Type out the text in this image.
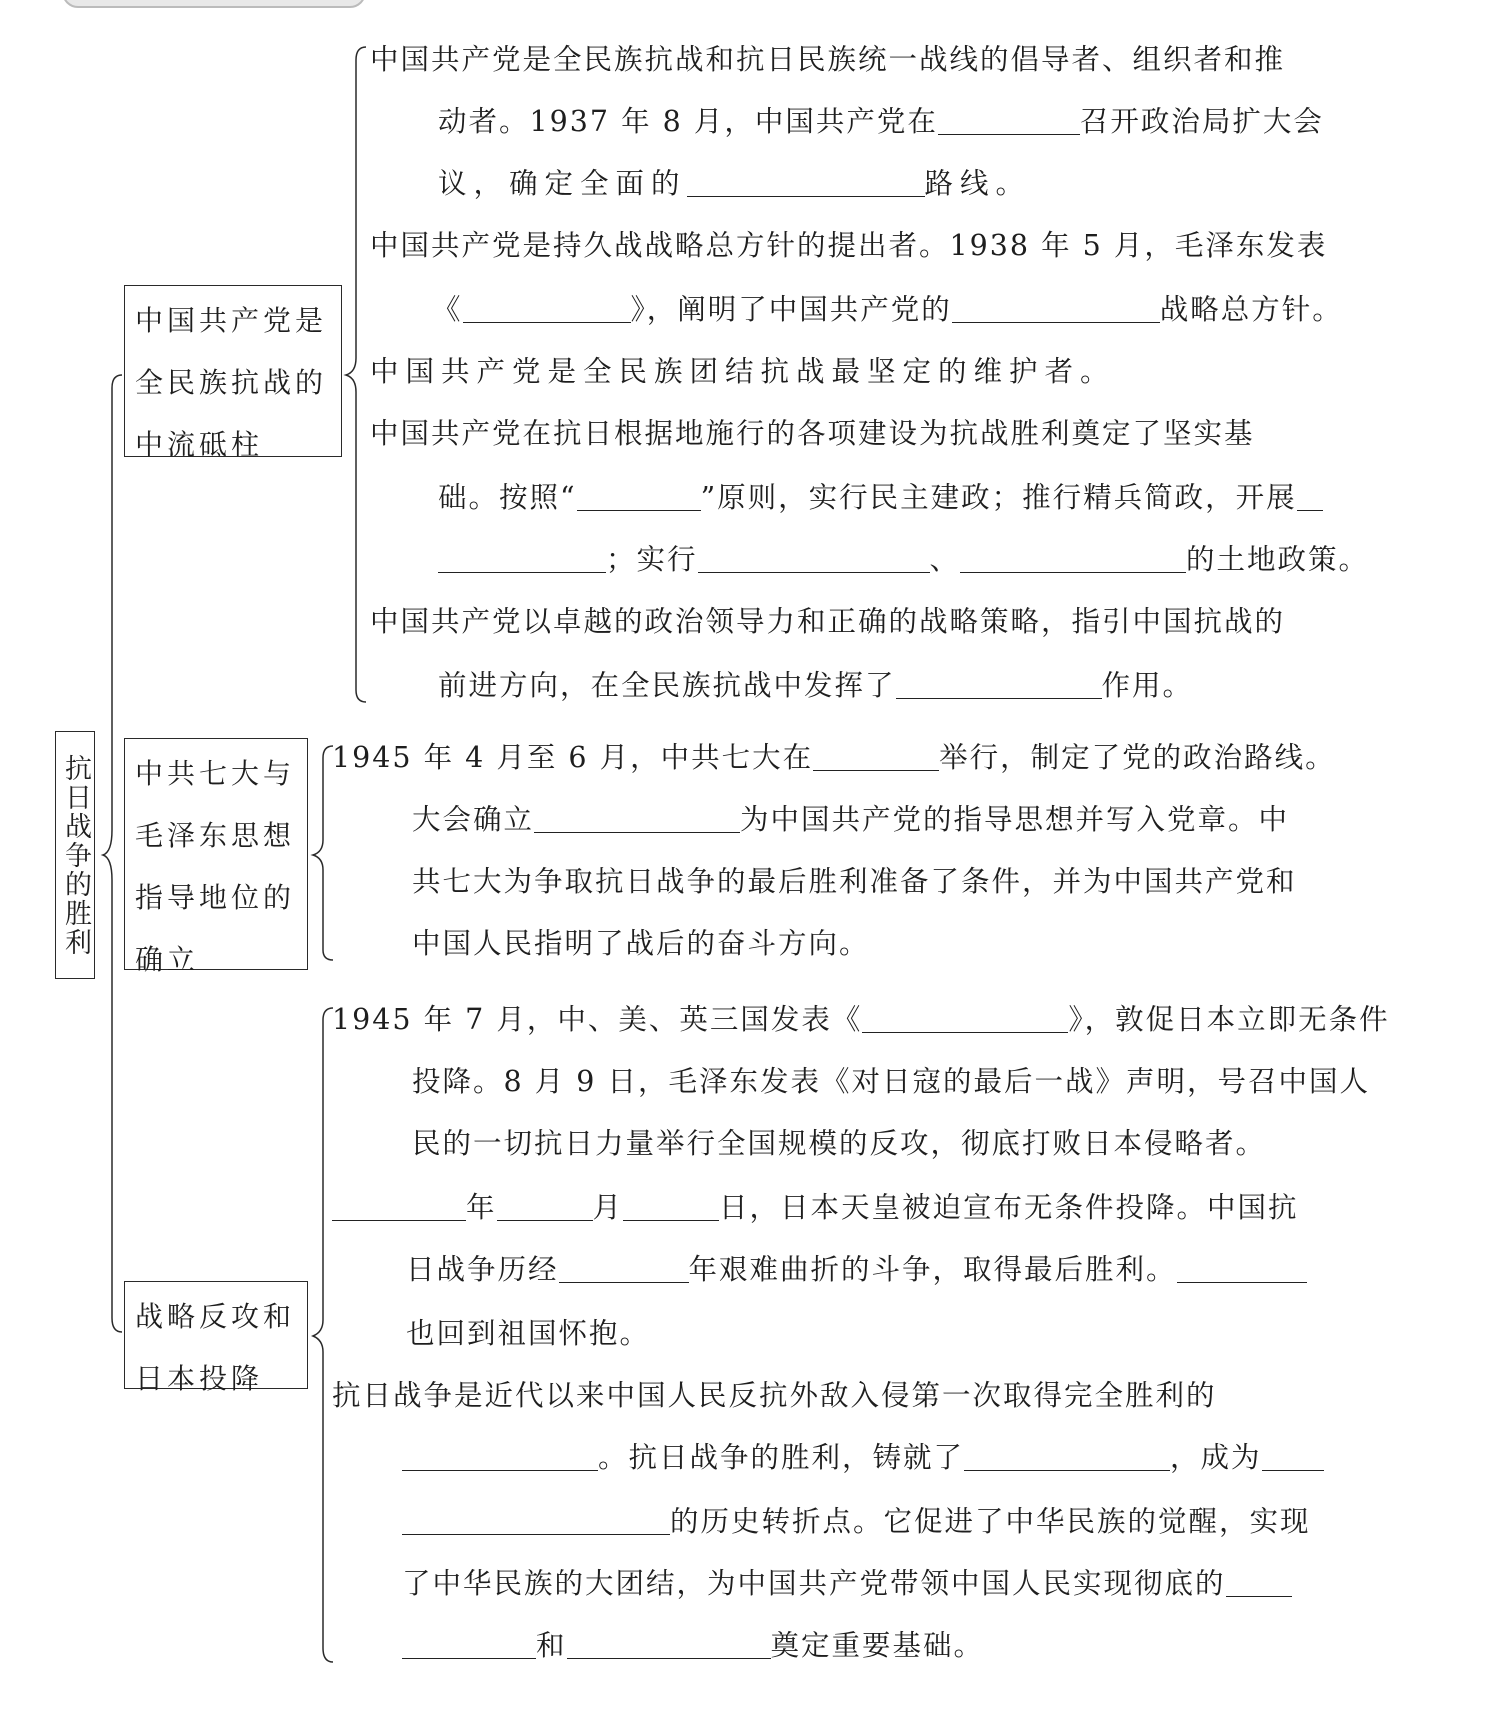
抗日战争的胜利
中国共产党是全民族抗战的中流砥柱
中共七大与毛泽东思想指导地位的确立
战略反攻和日本投降
中国共产党是全民族抗战和抗日民族统一战线的倡导者、组织者和推
动者。1937 年 8 月，中国共产党在	召开政治局扩大会
议，确定全面的	路线。
中国共产党是持久战战略总方针的提出者。1938 年 5 月，毛泽东发表
《	》，阐明了中国共产党的	战略总方针。
中国共产党是全民族团结抗战最坚定的维护者。
中国共产党在抗日根据地施行的各项建设为抗战胜利奠定了坚实基
础。按照“	”原则，实行民主建政；推行精兵简政，开展
；实行	、	的土地政策。
中国共产党以卓越的政治领导力和正确的战略策略，指引中国抗战的
前进方向，在全民族抗战中发挥了	作用。
1945 年 4 月至 6 月，中共七大在	举行，制定了党的政治路线。
大会确立	为中国共产党的指导思想并写入党章。中
共七大为争取抗日战争的最后胜利准备了条件，并为中国共产党和
中国人民指明了战后的奋斗方向。
1945 年 7 月，中、美、英三国发表《	》，敦促日本立即无条件
投降。8 月 9 日，毛泽东发表《对日寇的最后一战》声明，号召中国人
民的一切抗日力量举行全国规模的反攻，彻底打败日本侵略者。
年	月	日，日本天皇被迫宣布无条件投降。中国抗
日战争历经	年艰难曲折的斗争，取得最后胜利。
也回到祖国怀抱。
抗日战争是近代以来中国人民反抗外敌入侵第一次取得完全胜利的
。抗日战争的胜利，铸就了	，成为
的历史转折点。它促进了中华民族的觉醒，实现
了中华民族的大团结，为中国共产党带领中国人民实现彻底的
和	奠定重要基础。
